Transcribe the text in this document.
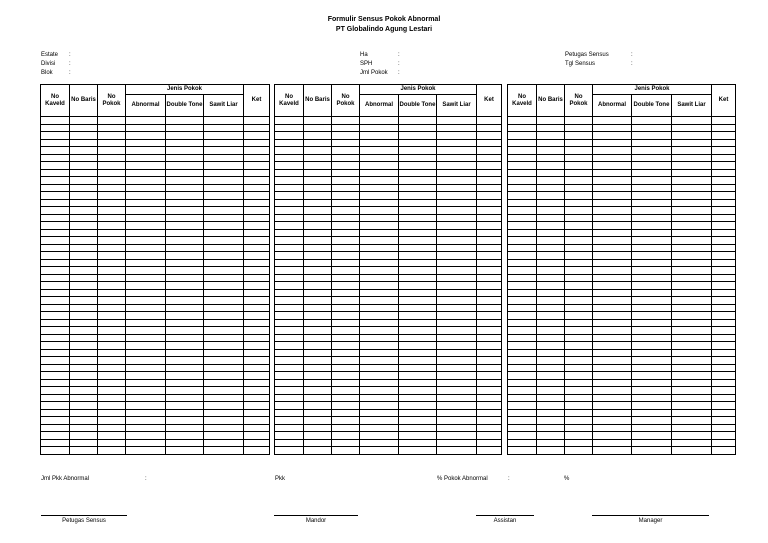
Formulir Sensus Pokok Abnormal
PT Globalindo Agung Lestari
Estate :
Divisi :
Blok	:
Ha	:
SPH	:
Jml Pokok :
Petugas Sensus	:
Tgl Sensus	:
No Kaveld	No Baris	No Pokok	Jenis Pokok			Ket
			Abnormal	Double Tone	Sawit Liar	

No Kaveld	No Baris	No Pokok	Jenis Pokok			Ket
			Abnormal	Double Tone	Sawit Liar	

No Kaveld	No Baris	No Pokok	Jenis Pokok			Ket
			Abnormal	Double Tone	Sawit Liar	

Jml Pkk Abnormal	:	Pkk	% Pokok Abnormal	:	%
Petugas Sensus	Mandor	Assistan	Manager
